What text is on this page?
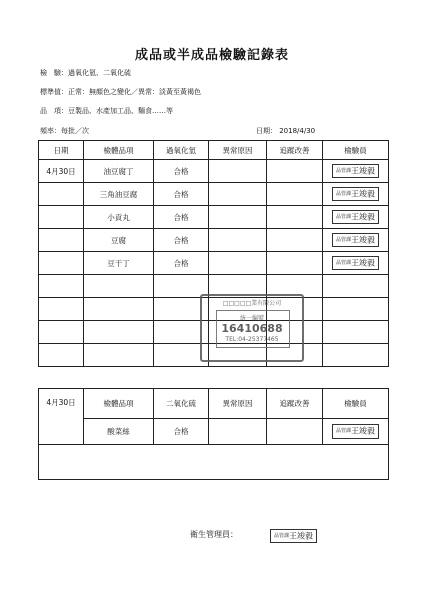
成品或半成品檢驗記錄表
檢　驗：過氧化氫、二氧化硫
標準值：正常：無顏色之變化／異常：淡黃至黃褐色
品　項：豆製品、水產加工品、麵食……等
頻率：每批／次	日期： 2018/4/30
日期	檢體品項	過氧化氫	異常原因	追蹤改善	檢驗員
4月30日	油豆腐丁	合格			品管課王竣毅
	三角油豆腐	合格			品管課王竣毅
	小貢丸	合格			品管課王竣毅
	豆腐	合格			品管課王竣毅
	豆干丁	合格			品管課王竣毅

□□□□□業有限公司
統一編號
16410688
TEL:04-25377465
4月30日	檢體品項	二氧化硫	異常原因	追蹤改善	檢驗員
	酸菜絲	合格			品管課王竣毅

衛生管理員：	品管課王竣毅
